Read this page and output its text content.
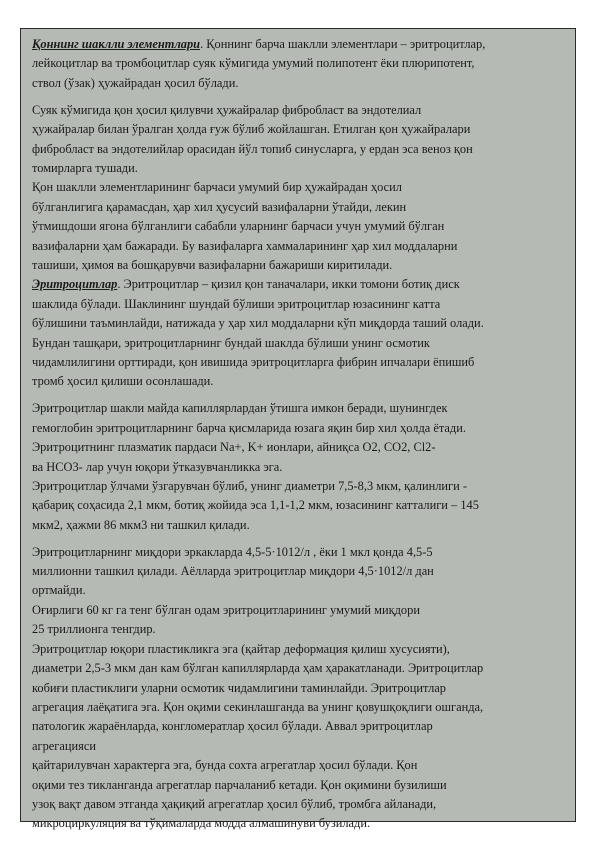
Қоннинг шаклли элементлари. Қоннинг барча шаклли элементлари – эритроцитлар,
лейкоцитлар ва тромбоцитлар суяк кўмигида умумий полипотент ёки плюрипотент,
ствол (ўзак) ҳужайрадан ҳосил бўлади.
Суяк кўмигида қон ҳосил қилувчи ҳужайралар фибробласт ва эндотелиал
ҳужайралар билан ўралган ҳолда ғуж бўлиб жойлашган. Етилган қон ҳужайралари
фибробласт ва эндотелийлар орасидан йўл топиб синусларга, у ердан эса веноз қон
томирларга тушади.
Қон шаклли элементларининг барчаси умумий бир ҳужайрадан ҳосил
бўлганлигига қарамасдан, ҳар хил ҳусусий вазифаларни ўтайди, лекин
ўтмишдоши ягона бўлганлиги сабабли уларнинг барчаси учун умумий бўлган
вазифаларни ҳам бажаради. Бу вазифаларга хаммаларининг ҳар хил моддаларни
ташиши, ҳимоя ва бошқарувчи вазифаларни бажариши киритилади.
Эритроцитлар. Эритроцитлар – қизил қон таначалари, икки томони ботиқ диск
шаклида бўлади. Шаклининг шундай бўлиши эритроцитлар юзасининг катта
бўлишини таъминлайди, натижада у ҳар хил моддаларни кўп миқдорда таший олади.
Бундан ташқари, эритроцитларнинг бундай шаклда бўлиши унинг осмотик
чидамлилигини орттиради, қон ивишида эритроцитларга фибрин ипчалари ёпишиб
тромб ҳосил қилиши осонлашади.
Эритроцитлар шакли майда капиллярлардан ўтишга имкон беради, шунингдек
гемоглобин эритроцитларнинг барча қисмларида юзага яқин бир хил ҳолда ётади.
Эритроцитнинг плазматик пардаси Na+, K+ ионлари, айниқса O2, CO2, Cl2-
ва HCO3- лар учун юқори ўтказувчанликка эга.
Эритроцитлар ўлчами ўзгарувчан бўлиб, унинг диаметри 7,5-8,3 мкм, қалинлиги -
қабариқ соҳасида 2,1 мкм, ботиқ жойида эса 1,1-1,2 мкм, юзасининг катталиги – 145
мкм2, ҳажми 86 мкм3 ни ташкил қилади.
Эритроцитларнинг миқдори эркакларда 4,5-5·1012/л , ёки 1 мкл қонда 4,5-5
миллионни ташкил қилади. Аёлларда эритроцитлар миқдори 4,5·1012/л дан
ортмайди.
Оғирлиги 60 кг га тенг бўлган одам эритроцитларининг умумий миқдори
25 триллионга тенгдир.
Эритроцитлар юқори пластикликга эга (қайтар деформация қилиш хусусияти),
диаметри 2,5-3 мкм дан кам бўлган капиллярларда ҳам ҳаракатланади. Эритроцитлар
кобиғи пластиклиги уларни осмотик чидамлигини таминлайди. Эритроцитлар
агрегация лаёқатига эга. Қон оқими секинлашганда ва унинг қовушқоқлиги ошганда,
патологик жараёнларда, конгломератлар ҳосил бўлади. Аввал эритроцитлар
агрегацияси
қайтарилувчан характерга эга, бунда сохта агрегатлар ҳосил бўлади. Қон
оқими тез тикланганда агрегатлар парчаланиб кетади. Қон оқимини бузилиши
узоқ вақт давом этганда ҳақиқий агрегатлар ҳосил бўлиб, тромбга айланади,
микроциркуляция ва тўқималарда модда алмашинуви бузилади.
